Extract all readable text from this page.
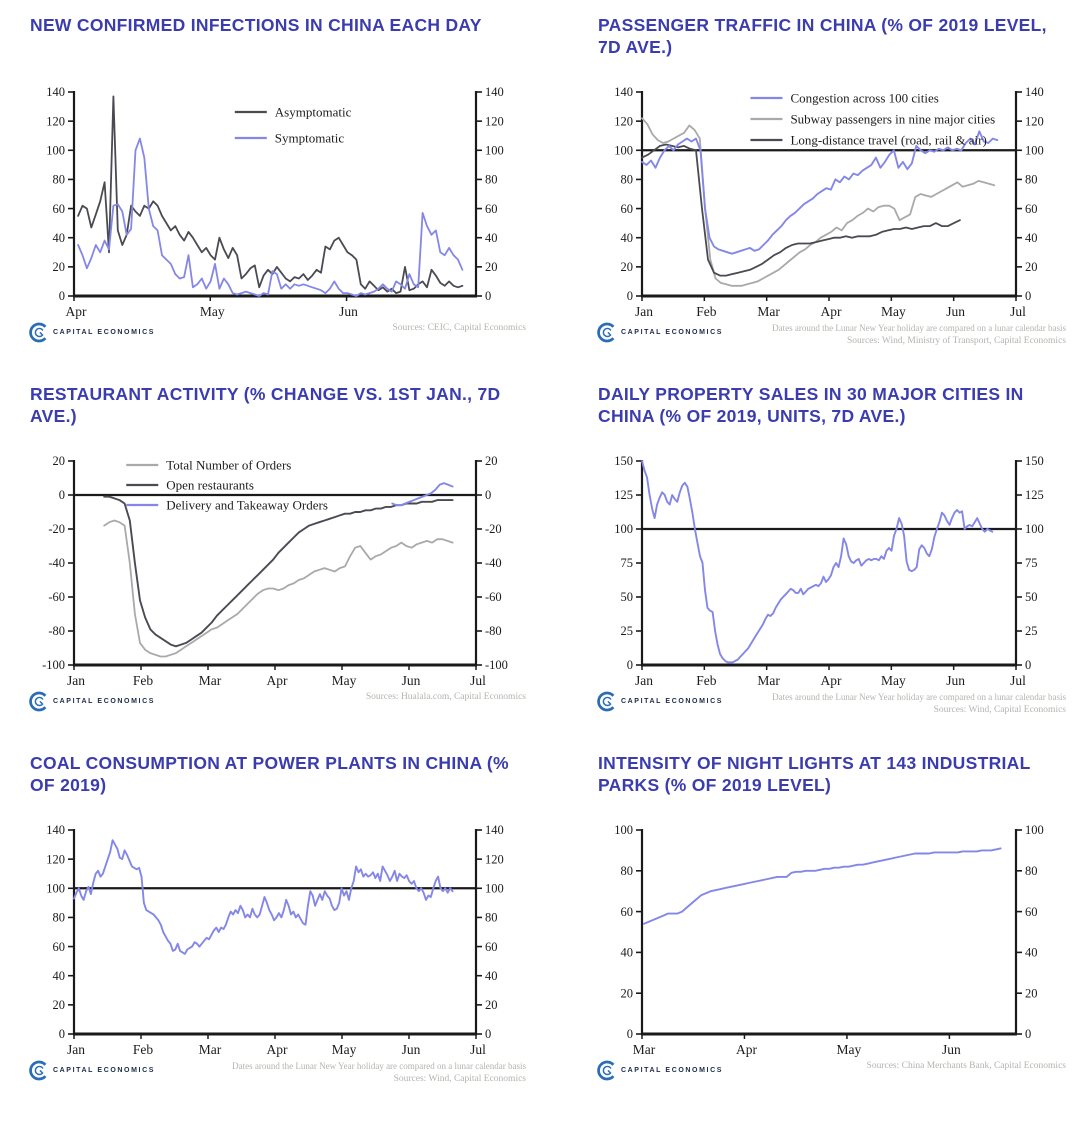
NEW CONFIRMED INFECTIONS IN CHINA EACH DAY
0	0
20	20
40	40
60	60
80	80
100	100
120	120
140	140
Apr	May	Jun
Asymptomatic
Symptomatic
CAPITAL ECONOMICS	Sources: CEIC, Capital Economics
PASSENGER TRAFFIC IN CHINA (% OF 2019 LEVEL, 7D AVE.)
0	0
20	20
40	40
60	60
80	80
100	100
120	120
140	140
Jan	Feb	Mar	Apr	May	Jun	Jul
Congestion across 100 cities
Subway passengers in nine major cities
Long-distance travel (road, rail & air)
CAPITAL ECONOMICS	Dates around the Lunar New Year holiday are compared on a lunar calendar basis
Sources: Wind, Ministry of Transport, Capital Economics
RESTAURANT ACTIVITY (% CHANGE VS. 1ST JAN., 7D AVE.)
-100	-100
-80	-80
-60	-60
-40	-40
-20	-20
0	0
20	20
Jan	Feb	Mar	Apr	May	Jun	Jul
Total Number of Orders
Open restaurants
Delivery and Takeaway Orders
CAPITAL ECONOMICS	Sources: Hualala.com, Capital Economics
DAILY PROPERTY SALES IN 30 MAJOR CITIES IN CHINA (% OF 2019, UNITS, 7D AVE.)
0	0
25	25
50	50
75	75
100	100
125	125
150	150
Jan	Feb	Mar	Apr	May	Jun	Jul
CAPITAL ECONOMICS	Dates around the Lunar New Year holiday are compared on a lunar calendar basis
Sources: Wind, Capital Economics
COAL CONSUMPTION AT POWER PLANTS IN CHINA (% OF 2019)
0	0
20	20
40	40
60	60
80	80
100	100
120	120
140	140
Jan	Feb	Mar	Apr	May	Jun	Jul
CAPITAL ECONOMICS	Dates around the Lunar New Year holiday are compared on a lunar calendar basis
Sources: Wind, Capital Economics
INTENSITY OF NIGHT LIGHTS AT 143 INDUSTRIAL PARKS (% OF 2019 LEVEL)
0	0
20	20
40	40
60	60
80	80
100	100
Mar	Apr	May	Jun
CAPITAL ECONOMICS	Sources: China Merchants Bank, Capital Economics
